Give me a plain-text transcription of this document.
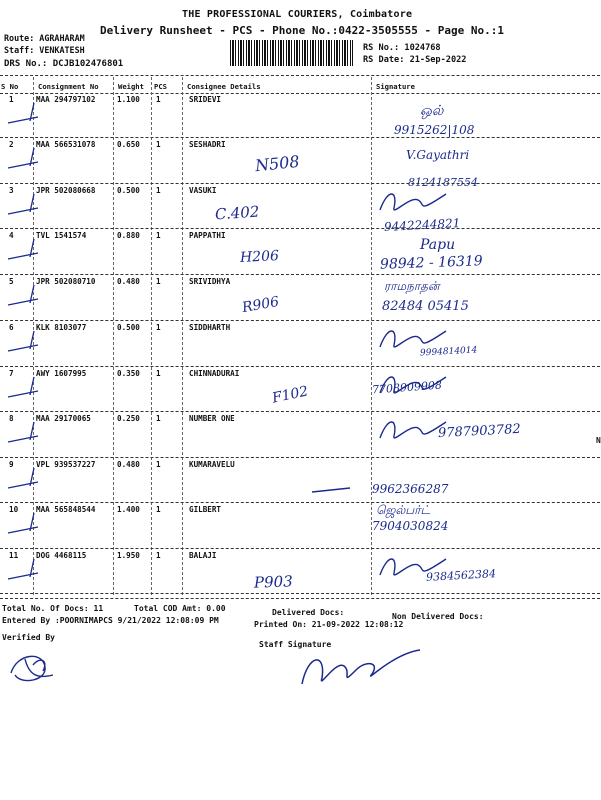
THE PROFESSIONAL COURIERS, Coimbatore
Delivery Runsheet - PCS - Phone No.:0422-3505555 - Page No.:1
Route: AGRAHARAM
Staff: VENKATESH
DRS No.: DCJB102476801
RS No.: 1024768
RS Date: 21-Sep-2022
S No	Consignment No	Weight PCS	Consignee Details	Signature
1	MAA 294797102	1.100 1	SRIDEVI
ஒல்
9915262|108
2	MAA 566531078	0.650 1	SESHADRI
N508	V.Gayathri
8124187554
3	JPR 502080668	0.500 1	VASUKI
C.402
9442244821
4	TVL 1541574	0.880 1	PAPPATHI
H206
Papu
98942 - 16319
5	JPR 502080710	0.480 1	SRIVIDHYA
R906
ராமநாதன்
82484 05415
6	KLK 8103077	0.500 1	SIDDHARTH
9994814014
7	AWY 1607995	0.350 1	CHINNADURAI
F102	7708909908
8	MAA 29170065	0.250 1	NUMBER ONE
9787903782
9	VPL 939537227	0.480 1	KUMARAVELU
9962366287
10 MAA 565848544	1.400 1	GILBERT	ஜெல்பர்ட்
7904030824
11 DOG 4468115	1.950 1	BALAJI
P903	9384562384
Total No. Of Docs: 11	Total COD Amt: 0.00	Delivered Docs:	Non Delivered Docs:
Entered By :POORNIMAPCS 9/21/2022 12:08:09 PM	Printed On: 21-09-2022 12:08:12
Verified By
Staff Signature
N
